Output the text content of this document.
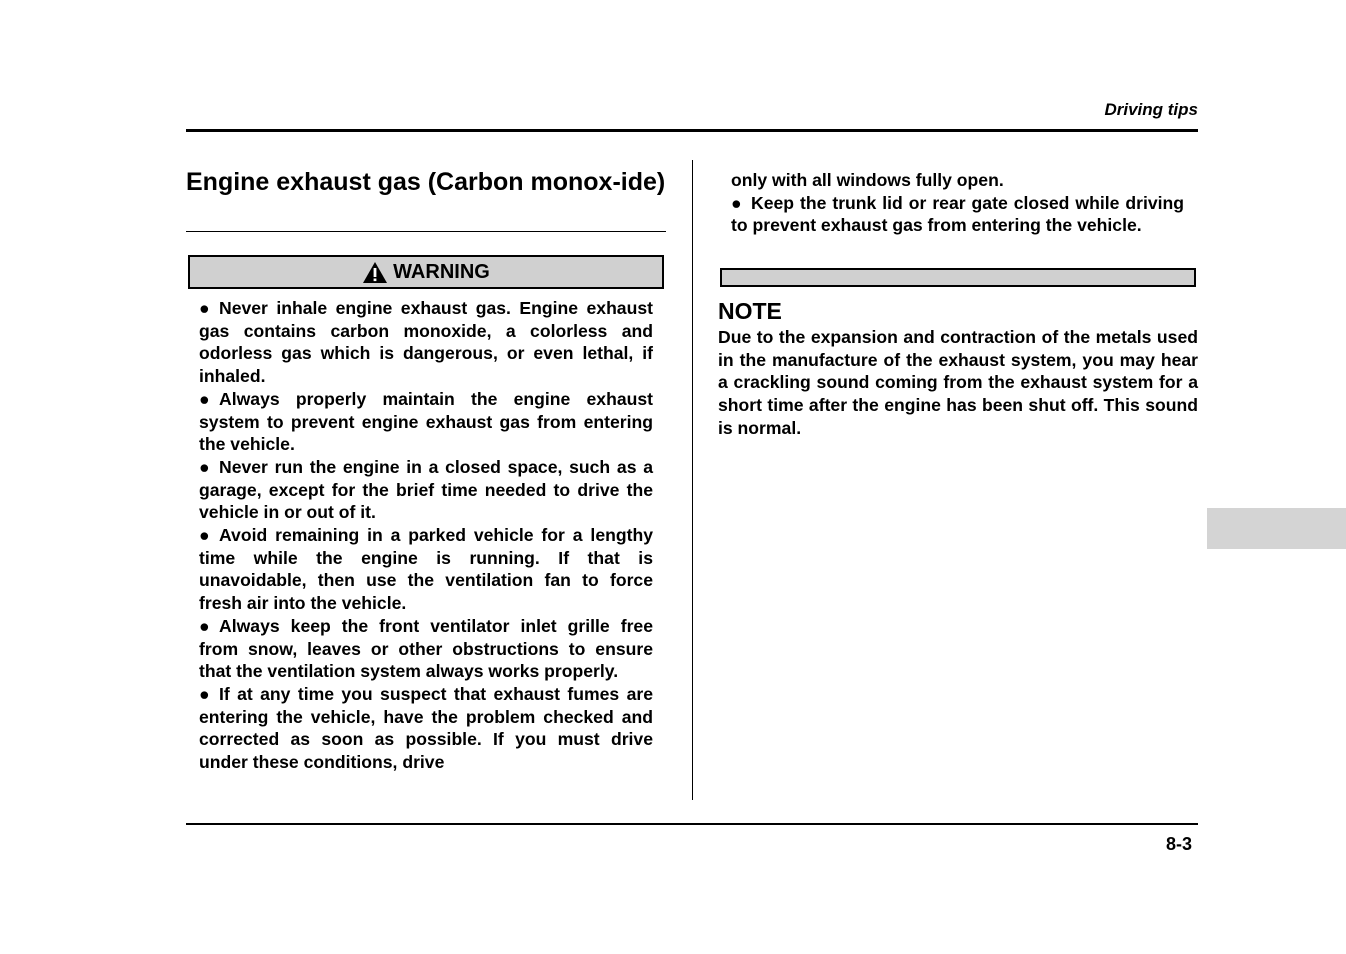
Driving tips
Engine exhaust gas (Carbon monox-ide)
WARNING
● Never inhale engine exhaust gas. Engine exhaust gas contains carbon monoxide, a colorless and odorless gas which is dangerous, or even lethal, if inhaled.
● Always properly maintain the engine exhaust system to prevent engine exhaust gas from entering the vehicle.
● Never run the engine in a closed space, such as a garage, except for the brief time needed to drive the vehicle in or out of it.
● Avoid remaining in a parked vehicle for a lengthy time while the engine is running. If that is unavoidable, then use the ventilation fan to force fresh air into the vehicle.
● Always keep the front ventilator inlet grille free from snow, leaves or other obstructions to ensure that the ventilation system always works properly.
● If at any time you suspect that exhaust fumes are entering the vehicle, have the problem checked and corrected as soon as possible. If you must drive under these conditions, drive

only with all windows fully open.

● Keep the trunk lid or rear gate closed while driving to prevent exhaust gas from entering the vehicle.

NOTE

Due to the expansion and contraction of the metals used in the manufacture of the exhaust system, you may hear a crackling sound coming from the exhaust system for a short time after the engine has been shut off. This sound is normal.

8-3
